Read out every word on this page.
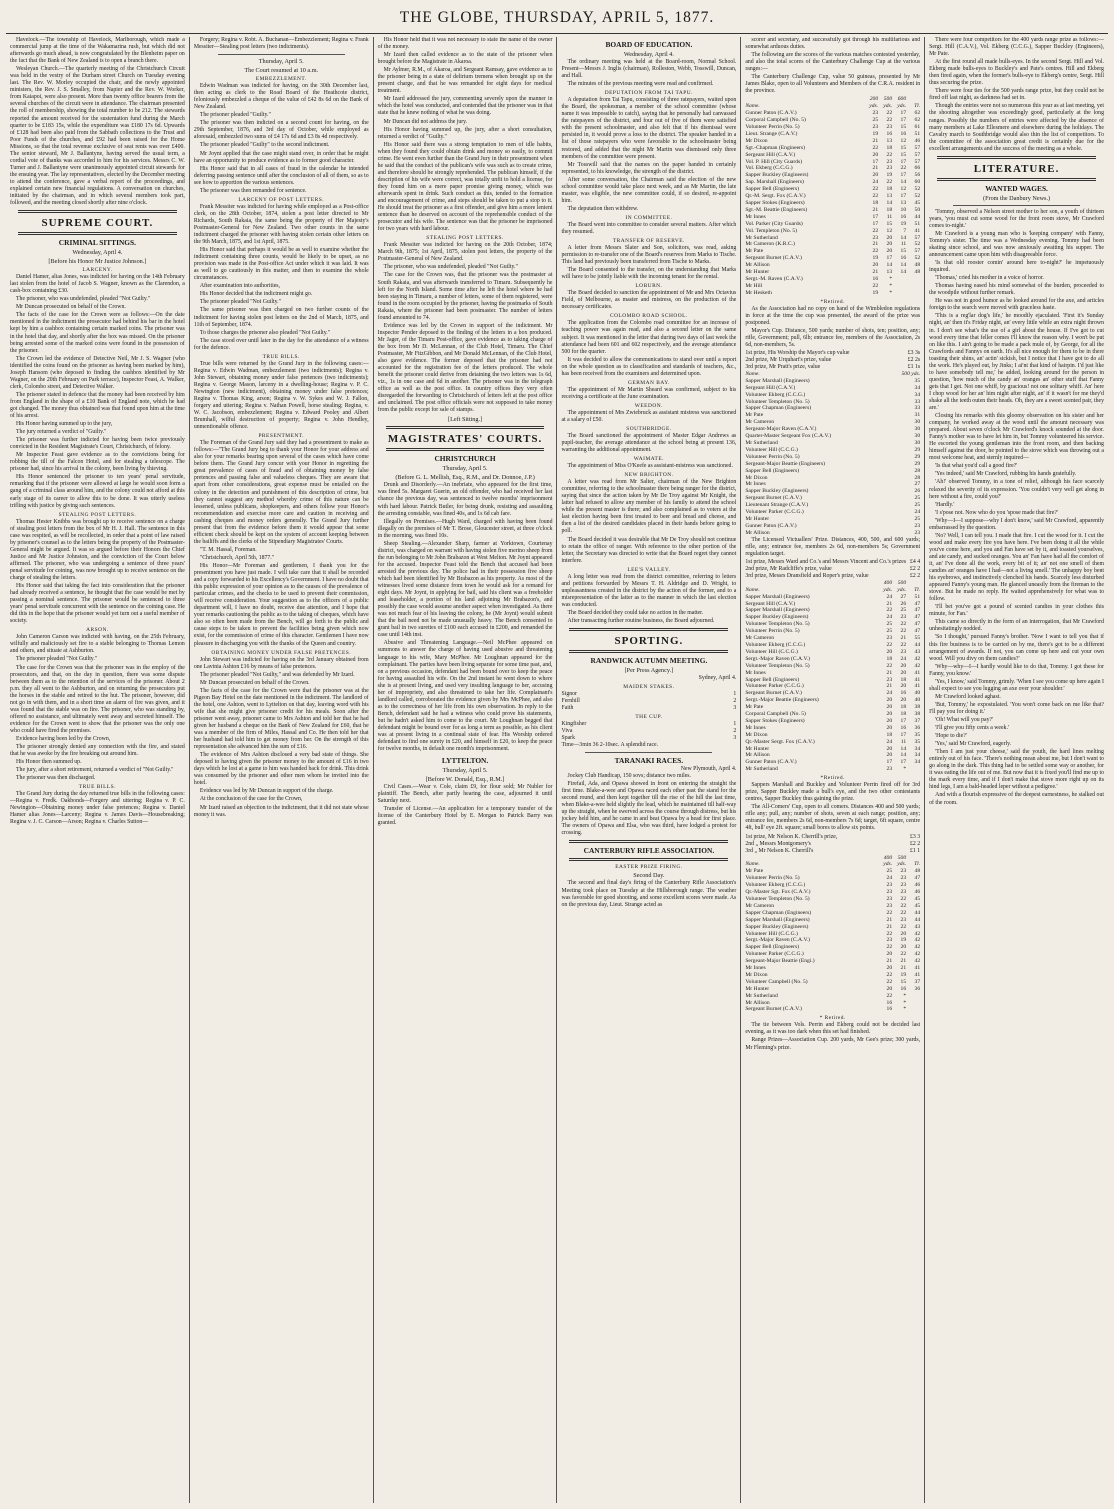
THE GLOBE, THURSDAY, APRIL 5, 1877.

Havelock.—The township of Havelock, Marlborough, which made a commercial jump at the time of the Wakamarina rush, but which did not afterwards go much ahead, is now congratulated by the Blenheim paper on the fact that the Bank of New Zealand is to open a branch there.

Wesleyan Church.—The quarterly meeting of the Christchurch Circuit was held in the vestry of the Durham street Church on Tuesday evening last. The Rev. W. Morley occupied the chair, and the newly appointed ministers, the Rev. J. S. Smalley, from Napier and the Rev. W. Worker, from Kaiapoi, were also present. More than twenty office bearers from the several churches of the circuit were in attendance. The chairman presented the roll of membership, showing the total number to be 212. The stewards reported the amount received for the sustentation fund during the March quarter to be £183 15s, while the expenditure was £180 17s 6d. Upwards of £128 had been also paid from the Sabbath collections to the Trust and Poor Funds of the churches, and £92 had been raised for the Home Missions, so that the total revenue exclusive of seat rents was over £400. The senior steward, Mr J. Ballantyne, having served the usual term, a cordial vote of thanks was accorded to him for his services. Messrs C. W. Turner and J. Ballantyne were unanimously appointed circuit stewards for the ensuing year. The lay representatives, elected by the December meeting to attend the conference, gave a verbal report of the proceedings, and explained certain new financial regulations. A conversation on churches, initiated by the chairman, and in which several members took part, followed, and the meeting closed shortly after nine o'clock.

SUPREME COURT.
CRIMINAL SITTINGS.
Wednesday, April 4.
[Before his Honor Mr Justice Johnson.]
LARCENY.

Daniel Hamer, alias Jones, was indicted for having on the 14th February last stolen from the hotel of Jacob S. Wagner, known as the Clarendon, a cash-box containing £30.

The prisoner, who was undefended, pleaded "Not Guilty."

Mr Duncan prosecuted on behalf of the Crown.

The facts of the case for the Crown were as follows:—On the date mentioned in the indictment the prosecutor had behind his bar in the hotel kept by him a cashbox containing certain marked coins. The prisoner was in the hotel that day, and shortly after the box was missed. On the prisoner being arrested some of the marked coins were found in the possession of the prisoner.

The Crown led the evidence of Detective Neil, Mr J. S. Wagner (who identified the coins found on the prisoner as having been marked by him), Joseph Hansom (who deposed to finding the cashbox identified by Mr Wagner, on the 20th February on Park terrace), Inspector Feast, A. Walker, clerk, Colombo street, and Detective Walker.

The prisoner stated in defence that the money had been received by him from England in the shape of a £10 Bank of England note, which he had got changed. The money thus obtained was that found upon him at the time of his arrest.

His Honor having summed up to the jury,

The jury returned a verdict of "Guilty."

The prisoner was further indicted for having been twice previously convicted in the Resident Magistrate's Court, Christchurch, of felony.

Mr Inspector Feast gave evidence as to the convictions being for robbing the till of the Falcon Hotel, and for stealing a telescope. The prisoner had, since his arrival in the colony, been living by thieving.

His Honor sentenced the prisoner to ten years' penal servitude, remarking that if the prisoner were allowed at large he would soon form a gang of a criminal class around him, and the colony could not afford at this early stage of its career to allow this to be done. It was utterly useless trifling with justice by giving such sentences.

STEALING POST LETTERS.

Thomas Hester Knibbs was brought up to receive sentence on a charge of stealing post letters from the box of Mr H. J. Hall. The sentence in this case was respited, as will be recollected, in order that a point of law raised by prisoner's counsel as to the letters being the property of the Postmaster-General might be argued. It was so argued before their Honors the Chief Justice and Mr Justice Johnston, and the conviction of the Court below affirmed. The prisoner, who was undergoing a sentence of three years' penal servitude for coining, was now brought up to receive sentence on the charge of stealing the letters.

His Honor said that taking the fact into consideration that the prisoner had already received a sentence, he thought that the case would be met by passing a nominal sentence. The prisoner would be sentenced to three years' penal servitude concurrent with the sentence on the coining case. He did this in the hope that the prisoner would yet turn out a useful member of society.

ARSON.

John Cameron Carson was indicted with having, on the 25th February, wilfully and maliciously set fire to a stable belonging to Thomas Lemon and others, and situate at Ashburton.

The prisoner pleaded "Not Guilty."

The case for the Crown was that the prisoner was in the employ of the prosecutors, and that, on the day in question, there was some dispute between them as to the retention of the services of the prisoner. About 2 p.m. they all went to the Ashburton, and on returning the prosecutors put the horses in the stable and retired to the hut. The prisoner, however, did not go in with them, and in a short time an alarm of fire was given, and it was found that the stable was on fire. The prisoner, who was standing by, offered no assistance, and ultimately went away and secreted himself. The evidence for the Crown went to show that the prisoner was the only one who could have fired the premises.

Evidence having been led by the Crown,

The prisoner strongly denied any connection with the fire, and stated that he was awoke by the fire breaking out around him.

His Honor then summed up.

The jury, after a short retirement, returned a verdict of "Not Guilty."

The prisoner was then discharged.

TRUE BILLS.

The Grand Jury during the day returned true bills in the following cases:—Regina v. Fredk. Oakbonds—Forgery and uttering; Regina v. P. C. Newington—Obtaining money under false pretences; Regina v. Daniel Hamer alias Jones—Larceny; Regina v. James Davis—Housebreaking; Regina v. J. C. Carson—Arson; Regina v. Charles Sutton—

Forgery; Regina v. Robt. A. Buchanan—Embezzlement; Regina v. Frank Messiter—Stealing post letters (two indictments).

Thursday, April 5.
The Court resumed at 10 a.m.
EMBEZZLEMENT.

Edwin Wadman was indicted for having, on the 30th December last, then acting as clerk to the Road Board of the Heathcote district, feloniously embezzled a cheque of the value of £42 8s 6d on the Bank of New Zealand.

The prisoner pleaded "Guilty."

The prisoner was then indicted on a second count for having, on the 29th September, 1876, and 3rd day of October, while employed as aforesaid, embezzled two sums of £4 17s 6d and £3 8s 4d respectively.

The prisoner pleaded "Guilty" to the second indictment.

Mr Joynt applied that the case might stand over, in order that he might have an opportunity to produce evidence as to former good character.

His Honor said that in all cases of fraud in the calendar he intended deferring passing sentence until after the conclusion of all of them, so as to see how to apportion the various sentences.

The prisoner was then remanded for sentence.

LARCENY OF POST LETTERS.

Frank Messiter was indicted for having while employed as a Post-office clerk, on the 28th October, 1874, stolen a post letter directed to Mr Richards, South Rakaia, the same being the property of Her Majesty's Postmaster-General for New Zealand. Two other counts in the same indictment charged the prisoner with having stolen certain other letters on the 9th March, 1875, and 1st April, 1875.

His Honor said that perhaps it would be as well to examine whether the indictment containing three counts, would be likely to be upset, as no provision was made in the Post-office Act under which it was laid. It was as well to go cautiously in this matter, and then to examine the whole circumstances.

After examination into authorities,

His Honor decided that the indictment might go.

The prisoner pleaded "Not Guilty."

The same prisoner was then charged on two further counts of the indictment for having stolen post letters on the 2nd of March, 1875, and 11th of September, 1874.

To those charges the prisoner also pleaded "Not Guilty."

The case stood over until later in the day for the attendance of a witness for the defence.

TRUE BILLS.

True bills were returned by the Grand Jury in the following cases:—Regina v. Edwin Wadman, embezzlement (two indictments); Regina v. John Stewart, obtaining money under false pretences (two indictments); Regina v. George Mason, larceny in a dwelling-house; Regina v. P. C. Newington (new indictment), obtaining money under false pretences; Regina v. Thomas King, arson; Regina v. W. Sykes and W. J. Fallon, forgery and uttering; Regina v. Nathan Powell, horse stealing; Regina, v. W. C. Jacobson, embezzlement; Regina v. Edward Pooley and Albert Brumhall, wilful destruction of property; Regina v. John Hendley, unmentionable offence.

PRESENTMENT.

The Foreman of the Grand Jury said they had a presentment to make as follows:—"The Grand Jury beg to thank your Honor for your address and also for your remarks bearing upon several of the cases which have come before them. The Grand Jury concur with your Honor in regretting the great prevalence of cases of fraud and of obtaining money by false pretences and passing false and valueless cheques. They are aware that apart from other considerations, great expense must be entailed on the colony in the detection and punishment of this description of crime, but they cannot suggest any method whereby crime of this nature can be lessened, unless publicans, shopkeepers, and others follow your Honor's recommendation and exercise more care and caution in receiving and cashing cheques and money orders generally. The Grand Jury further present that from the evidence before them it would appear that some efficient check should be kept on the system of account keeping between the bailiffs and the clerks of the Stipendiary Magistrates' Courts.

"T. M. Hassal, Foreman.

"Christchurch, April 5th, 1877."

His Honor—Mr Foreman and gentlemen, I thank you for the presentment you have just made. I will take care that it shall be recorded and a copy forwarded to his Excellency's Government. I have no doubt that this public expression of your opinion as to the causes of the prevalence of particular crimes, and the checks to be used to prevent their commission, will receive consideration. Your suggestion as to the officers of a public department will, I have no doubt, receive due attention, and I hope that your remarks cautioning the public as to the taking of cheques, which have also so often been made from the Bench, will go forth to the public and cause steps to be taken to prevent the facilities being given which now exist, for the commission of crime of this character. Gentlemen I have now pleasure in discharging you with the thanks of the Queen and country.

OBTAINING MONEY UNDER FALSE PRETENCES.

John Stewart was indicted for having on the 3rd January obtained from one Lavinia Ashton £16 by means of false pretences.

The prisoner pleaded "Not Guilty," and was defended by Mr Izard.

Mr Duncan prosecuted on behalf of the Crown.

The facts of the case for the Crown were that the prisoner was at the Pigeon Bay Hotel on the date mentioned in the indictment. The landlord of the hotel, one Ashton, went to Lyttelton on that day, leaving word with his wife that she might give prisoner credit for his meals. Soon after the prisoner went away, prisoner came to Mrs Ashton and told her that he had given her husband a cheque on the Bank of New Zealand for £60, that he was a member of the firm of Miles, Hassal and Co. He then told her that her husband had told him to get money from her. On the strength of this representation she advanced him the sum of £16.

The evidence of Mrs Ashton disclosed a very bad state of things. She deposed to having given the prisoner money to the amount of £16 in two days which he lost at a game to him was handed back for drink. This drink was consumed by the prisoner and other men whom he invited into the hotel.

Evidence was led by Mr Duncan in support of the charge.

At the conclusion of the case for the Crown,

Mr Izard raised an objection to the indictment, that it did not state whose money it was.

His Honor held that it was not necessary to state the name of the owner of the money.

Mr Izard then called evidence as to the state of the prisoner when brought before the Magistrate in Akaroa.

Mr Aylmer, R.M., of Akaroa, and Sergeant Ramsay, gave evidence as to the prisoner being in a state of delirium tremens when brought up on the present charge, and that he was remanded for eight days for medical treatment.

Mr Izard addressed the jury, commenting severely upon the manner in which the hotel was conducted, and contended that the prisoner was in that state that he knew nothing of what he was doing.

Mr Duncan did not address the jury.

His Honor having summed up, the jury, after a short consultation, returned a verdict of "Guilty."

His Honor said there was a strong temptation to men of idle habits, when they found they could obtain drink and money so easily, to commit crime. He went even further than the Grand Jury in their presentment when he said that the conduct of the publican's wife was such as to create crime, and therefore should be strongly reprehended. The publican himself, if the description of his wife were correct, was totally unfit to hold a license, for they found him on a mere paper promise giving money, which was afterwards spent in drink. Such conduct as this, tended to the formation and encouragement of crime, and steps should be taken to put a stop to it. He should treat the prisoner as a first offender, and give him a more lenient sentence than he deserved on account of the reprehensible conduct of the prosecutor and his wife. The sentence was that the prisoner be imprisoned for two years with hard labour.

STEALING POST LETTERS.

Frank Messiter was indicted for having on the 20th October, 1874; March 9th, 1875; 1st April, 1875, stolen post letters, the property of the Postmaster-General of New Zealand.

The prisoner, who was undefended, pleaded "Not Guilty."

The case for the Crown was, that the prisoner was the postmaster at South Rakaia, and was afterwards transferred to Timaru. Subsequently he left for the North Island. Some time after he left the hotel where he had been staying in Timaru, a number of letters, some of them registered, were found in the room occupied by the prisoner, having the postmarks of South Rakaia, where the prisoner had been postmaster. The number of letters found amounted to 74.

Evidence was led by the Crown in support of the indictment. Mr Inspector Pender deposed to the finding of the letters in a box produced. Mr Jager, of the Timaru Post-office, gave evidence as to taking charge of the box from Mr D. McLennan, of the Club Hotel, Timaru. The Chief Postmaster, Mr FitzGibbon, and Mr Donald McLennan, of the Club Hotel, also gave evidence. The former deposed that the prisoner had not accounted for the registration fee of the letters produced. The whole benefit the prisoner could derive from detaining the two letters was 1s 6d, viz., 1s in one case and 6d in another. The prisoner was in the telegraph office as well as the post office. In country offices they very often disregarded the forwarding to Christchurch of letters left at the post office and unclaimed. The post office officials were not supposed to take money from the public except for sale of stamps.

[Left Sitting.]
MAGISTRATES' COURTS.
CHRISTCHURCH
Thursday, April 5.
(Before G. L. Mellish, Esq., R.M., and Dr. Donnoe, J.P.)

Drunk and Disorderly.—An inebriate, who appeared for the first time, was fined 5s. Margaret Guerin, an old offender, who had received her last chance the previous day, was sentenced to twelve months' imprisonment with hard labour. Patrick Butler, for being drunk, resisting and assaulting the arresting constable, was fined 40s, and 1s 6d cab fare.

Illegally on Premises.—Hugh Ward, charged with having been found illegally on the premises of Mr T. Brose, Gloucester street, at three o'clock in the morning, was fined 10s.

Sheep Stealing.—Alexander Sharp, farmer at Yorktown, Courtenay district, was charged on warrant with having stolen five merino sheep from the run belonging to Mr John Brabazon at West Melton. Mr Joynt appeared for the accused. Inspector Feast told the Bench that accused had been arrested the previous day. The police had in their possession five sheep which had been identified by Mr Brabazon as his property. As most of the witnesses lived some distance from town he would ask for a remand for eight days. Mr Joynt, in applying for bail, said his client was a freeholder and leaseholder, a portion of his land adjoining Mr Brabazon's, and possibly the case would assume another aspect when investigated. As there was not much fear of his leaving the colony, he (Mr Joynt) would submit that the bail need not be made unusually heavy. The Bench consented to grant bail in two sureties of £100 each accused in £200, and remanded the case until 14th inst.

Abusive and Threatening Language.—Neil McPhee appeared on summons to answer the charge of having used abusive and threatening language to his wife, Mary McPhee. Mr Loughnan appeared for the complainant. The parties have been living separate for some time past, and, on a previous occasion, defendant had been bound over to keep the peace for having assaulted his wife. On the 2nd instant he went down to where she is at present living, and used very insulting language to her, accusing her of impropriety, and also threatened to take her life. Complainant's landlord called, corroborated the evidence given by Mrs McPhee, and also as to the correctness of her life from his own observation. In reply to the Bench, defendant said he had a witness who could prove his statements, but he hadn't asked him to come to the court. Mr Loughnan begged that defendant might be bound over for as long a term as possible, as his client was at present living in a continual state of fear. His Worship ordered defendant to find one surety in £20, and himself in £20, to keep the peace for twelve months, in default one month's imprisonment.

LYTTELTON.
Thursday, April 5.
[Before W. Donald, Esq., R.M.]

Civil Cases.—Wear v. Cole, claim £9, for flour sold; Mr Nubler for plaintiff. The Bench, after partly hearing the case, adjourned it until Saturday next.

Transfer of License.—An application for a temporary transfer of the license of the Canterbury Hotel by E. Morgan to Patrick Barry was granted.

BOARD OF EDUCATION.
Wednesday, April 4.

The ordinary meeting was held at the Board-room, Normal School. Present—Messrs J. Inglis (chairman), Rolleston, Webb, Tosswill, Duncan, and Hall.

The minutes of the previous meeting were read and confirmed.

DEPUTATION FROM TAI TAPU.

A deputation from Tai Tapu, consisting of three ratepayers, waited upon the Board, the spokesman, a member of the school committee (whose name it was impossible to catch), saying that he personally had canvassed the ratepayers of the district, and four out of five of them were satisfied with the present schoolmaster, and also felt that if his dismissal were persisted in, it would prove a loss to the district. The speaker handed in a list of those ratepayers who were favorable to the schoolmaster being restored, and added that the night Mr Martin was dismissed only three members of the committee were present.

Mr Tosswill said that the names on the paper handed in certainly represented, to his knowledge, the strength of the district.

After some conversation, the Chairman said the election of the new school committee would take place next week, and as Mr Martin, the late master, was eligible, the new committee could, if so desired, re-appoint him.

The deputation then withdrew.

IN COMMITTEE.

The Board went into committee to consider several matters. After which they resumed.

TRANSFER OF RESERVE.

A letter from Messrs Slater and Son, solicitors, was read, asking permission to re-transfer one of the Board's reserves from Marks to Tische. This land had previously been transferred from Tische to Marks.

The Board consented to the transfer, on the understanding that Marks will have to be jointly liable with the incoming tenant for the rental.

LOBURN.

The Board decided to sanction the appointment of Mr and Mrs Octavius Field, of Melbourne, as master and mistress, on the production of the necessary certificates.

COLOMBO ROAD SCHOOL.

The application from the Colombo road committee for an increase of teaching power was again read, and also a second letter on the same subject. It was mentioned in the letter that during two days of last week the attendance had been 601 and 602 respectively, and the average attendance 500 for the quarter.

It was decided to allow the communications to stand over until a report on the whole question as to classification and standards of teachers, &c., has been received from the examiners and determined upon.

GERMAN BAY.

The appointment of Mr Martin Sheard was confirmed, subject to his receiving a certificate at the June examination.

WEEDON.

The appointment of Mrs Zwiebruck as assistant mistress was sanctioned at a salary of £50.

SOUTHBRIDGE.

The Board sanctioned the appointment of Master Edgar Andrews as pupil-teacher, the average attendance at the school being at present 136, warranting the additional appointment.

WAIMATE.

The appointment of Miss O'Keefe as assistant-mistress was sanctioned.

NEW BRIGHTON.

A letter was read from Mr Salter, chairman of the New Brighton committee, referring to the schoolmaster there being ranger for the district, saying that since the action taken by Mr De Troy against Mr Knight, the latter had refused to allow any member of his family to attend the school while the present master is there; and also complained as to voters at the last election having been first treated to beer and bread and cheese, and then a list of the desired candidates placed in their hands before going to poll.

The Board decided it was desirable that Mr De Troy should not continue to retain the office of ranger. With reference to the other portion of the letter, the Secretary was directed to write that the Board regret they cannot interfere.

LEE'S VALLEY.

A long letter was read from the district committee, referring to letters and petitions forwarded by Messrs T. H. Aldridge and D. Wright, to unpleasantness created in the district by the action of the former, and to a misrepresentation of the latter as to the manner in which the last election was conducted.

The Board decided they could take no action in the matter.

After transacting further routine business, the Board adjourned.

SPORTING.
RANDWICK AUTUMN MEETING.
[Per Press Agency.]
Sydney, April 4.
MAIDEN STAKES.
Signor	1
Fernhill	2
Faith	3
THE CUP.
Kingfisher	1
Viva	2
Spark	3
Time—3min 36 2-10sec. A splendid race.
TARANAKI RACES.
New Plymouth, April 4.

Jockey Club Handicap, 150 sovs; distance two miles.

Firefail, Ada, and Opawa showed in front on entering the straight the first time. Blake-a-wee and Opawa raced each other past the stand for the second round, and then kept together till the rise of the hill the last time, when Blake-a-wee held slightly the lead, which he maintained till half-way up the straight, when he swerved across the course through distress, but his jockey held him, and he came in and beat Opawa by a head for first place. The owners of Opawa and Elsa, who was third, have lodged a protest for crossing.

CANTERBURY RIFLE ASSOCIATION.
EASTER PRIZE FIRING.
Second Day.

The second and final day's firing of the Canterbury Rifle Association's Meeting took place on Tuesday at the Hillsborough range. The weather was favorable for good shooting, and some excellent scores were made. As on the previous day, Lieut. Strange acted as

scorer and secretary, and successfully got through his multifarious and somewhat arduous duties.

The following are the scores of the various matches contested yesterday, and also the total scores of the Canterbury Challenge Cup at the various ranges:—

The Canterbury Challenge Cup, value 50 guineas, presented by Mr James Blake, open to all Volunteers and Members of the C.R.A. resident in the province.

	200	500	600	
Name.	yds.	yds.	yds.	Tl.
Gunner Paton (C.A.V.)	23	22	17	62
Corporal Campbell (No. 5)	25	22	17	62
Volunteer Perrin (No. 5)	23	23	15	61
Lieut. Strange (C.A.V.)	19	16	16	51
Mr Dixon	21	13	12	46
Sgt.-Chapman (Engineers)	22	18	15	57
Sergeant Hill (C.A.V.)	20	22	15	57
Vol. P. Hill (City Guards)	17	23	17	57
Vol. Ekberg (C.C.G.)	21	23	22	66
Sapper Buckley (Engineers)	20	19	17	56
Sap. Marshall (Engineers)	24	22	14	60
Sapper Bell (Engineers)	22	18	12	52
Qr.-M. Sergt. Fox (C.A.V.)	22	13	17	52
Sapper Stokes (Engineers)	18	14	13	45
Sgt.-M. Beattie (Engineers)	21	18	10	50
Mr Innes	17	11	16	44
Vol. Parker (City Guards)	17	15	19	51
Vol. Templeton (No. 5)	22	12	7	41
Mr Sutherland	23	20	14	57
Mr Cameron (K.R.C.)	21	20	11	52
Mr Pate	22	20	15	57
Sergeant Burnet (C.A.V.)	19	17	16	52
Mr Allison	20	14	14	48
Mr Hunter	21	13	14	48
Sergt.-M. Raven (C.A.V.)	16	*		
Mr Hill	22	*		
Mr Hesketh	19	*		
*Retired.

As the Association had no copy on hand of the Wimbledon regulations in force at the time the cup was presented, the award of the prize was postponed.

Mayor's Cup. Distance, 500 yards; number of shots, ten; position, any; rifle, Government; pull, 6lb; entrance fee, members of the Association, 2s 6d, non-members, 5s.

£3 3s
1st prize, His Worship the Mayor's cup value
£2 2s
2nd prize, Mr Urquhart's prize, value
£1 1s
3rd prize, Mr Pratt's prize, value
Name.	500 yds.
Sapper Marshall (Engineers)	35
Sergeant Hill (C.A.V.)	34
Volunteer Ekberg (C.C.G.)	34
Volunteer Templeton (No. 5)	33
Sapper Chapman (Engineers)	33
Mr Pate	31
Mr Cameron	30
Sergeant-Major Raven (C.A.V.)	30
Quarter-Master Sergeant Fox (C.A.V.)	30
Mr Sutherland	30
Volunteer Hill (C.C.G.)	29
Volunteer Perrin (No. 5)	29
Sergeant-Major Beattie (Engineers)	29
Sapper Bell (Engineers)	28
Mr Dixon	28
Mr Innes	27
Sapper Buckley (Engineers)	26
Sergeant Burnet (C.A.V.)	25
Lieutenant Strange (C.A.V.)	25
Volunteer Parker (C.C.G.)	24
Mr Hunter	25
Gunner Paton (C.A.V.)	23
Mr Allison	23

The Licensed Victuallers' Prize. Distances, 400, 500, and 600 yards; rifle, any; entrance fee, members 2s 6d, non-members 5s; Government regulation target.

£4 4
1st prize, Messrs Ward and Co.'s and Messrs Vincent and Co.'s prizes
£2 2
2nd prize, Mr Radcliffe's prize, value
£2 2
3rd prize, Messrs Dransfield and Roper's prize, value
	400	500	
Name.	yds.	yds.	Tl.
Sapper Marshall (Engineers)	24	27	51
Sergeant Hill (C.A.V.)	21	26	47
Sapper Marshall (Engineers)	22	25	47
Sapper Buckley (Engineers)	24	23	47
Volunteer Templeton (No. 5)	25	22	47
Volunteer Perrin (No. 5)	25	22	47
Mr Cameron	23	21	55
Volunteer Ekberg (C.C.G.)	22	22	44
Volunteer Hill (C.C.G.)	20	23	43
Sergt.-Major Raven (C.A.V.)	18	24	42
Volunteer Templeton (No. 5)	22	20	42
Mr Innes	21	20	41
Sapper Bell (Engineers)	23	18	41
Volunteer Parker (C.C.G.)	21	20	41
Sergeant Burnet (C.A.V.)	24	16	40
Sergt.-Major Beattie (Engineers)	20	20	40
Mr Pate	20	18	38
Corporal Campbell (No. 5)	20	18	38
Sapper Stokes (Engineers)	20	17	37
Mr Innes	20	16	36
Mr Dixon	18	17	35
Qr.-Master Sergt. Fox (C.A.V.)	24	11	35
Mr Hunter	20	14	34
Mr Allison	20	14	34
Gunner Paton (C.A.V.)	17	17	34
Mr Sutherland	23	*	
*Retired.

Sappers Marshall and Buckley and Volunteer Perrin fired off for 3rd prize, Sapper Buckley made a bull's eye, and the two other contestants centres, Sapper Buckley thus gaining the prize.

The All-Comers' Cup, open to all comers. Distances 400 and 500 yards; rifle any; pull, any; number of shots, seven at each range; position, any; entrance fee, members 2s 6d, non-members 7s 6d; target, 6ft square, centre 4ft, bull' eye 2ft. square; small bores to allow six points.

£3 3
1st prize, Mr Nelson K. Cherrill's prize,
£2 2
2nd „ Messrs Montgomery's
£1 1
3rd „ Mr Nelson K. Cherrill's
	400	500	
Name.	yds.	yds.	Tl.
Mr Pate	25	23	48
Volunteer Perrin (No. 5)	24	23	47
Volunteer Ekberg (C.C.G.)	23	23	46
Qr.-Master Sgt. Fox (C.A.V.)	23	23	46
Volunteer Templeton (No. 5)	23	22	45
Mr Cameron	23	22	45
Sapper Chapman (Engineers)	22	22	44
Sapper Marshall (Engineers)	21	23	44
Sapper Buckley (Engineers)	21	22	43
Volunteer Hill (C.C.G.)	22	20	42
Sergt.-Major Raven (C.A.V.)	23	19	42
Sapper Bell (Engineers)	22	20	42
Volunteer Parker (C.C.G.)	20	22	42
Sergeant-Major Beattie (Engi.)	21	21	42
Mr Innes	20	21	41
Mr Dixon	22	19	41
Volunteer Campbell (No. 5)	22	15	37
Mr Hunter	20	16	36
Mr Sutherland	22	*	
Mr Allison	16	*	
Sergeant Burnet (C.A.V.)	16	*	
* Retired.

The tie between Vols. Perrin and Ekberg could not be decided last evening, as it was too dark when this set had finished.

Range Prizes—Association Cup. 200 yards, Mr Gee's prize; 300 yards, Mr Fleming's prize.

There were four competitors for the 400 yards range prize as follows:—Sergt. Hill (C.A.V.), Vol. Ekberg (C.C.G.), Sapper Buckley (Engineers), Mr Pate.

At the first round all made bulls-eyes. In the second Sergt. Hill and Vol. Ekberg made bulls-eyes to Buckley's and Pate's centres. Hill and Ekberg then fired again, when the former's bulls-eye to Ekberg's centre, Sergt. Hill thus securing the prize.

There were four ties for the 500 yards range prize, but they could not be fired off last night, as darkness had set in.

Though the entries were not so numerous this year as at last meeting, yet the shooting altogether was exceedingly good, particularly at the long ranges. Possibly the numbers of entries were affected by the absence of many members at Lake Ellesmere and elsewhere during the holidays. The Cavalry march to Southbridge would also thin the list of competitors. To the committee of the association great credit is certainly due for the excellent arrangements and the success of the meeting as a whole.

LITERATURE.
WANTED WAGES.
(From the Danbury News.)

'Tommy, observed a Nelson street mother to her son, a youth of thirteen years, 'you must cut some wood for the front room stove, Mr Crawford comes to-night.'

Mr Crawford is a young man who is 'keeping company' with Fanny, Tommy's sister. The time was a Wednesday evening. Tommy had been skating since school, and was now anxiously awaiting his supper. The announcement came upon him with disagreeable force.

'Is that old rooster comin' around here to-night?' he impetuously inquired.

'Thomas,' cried his mother in a voice of horror.

Thomas having eased his mind somewhat of the burden, proceeded to the woodpile without further remark.

He was not in good humor as he looked around for the axe, and articles foreign to the search were moved with graceless haste.

'This is a reg'lar dog's life,' he moodily ejaculated. 'First it's Sunday night, an' then it's Friday night, an' every little while an extra night thrown in. I don't see what's the use of a girl about the house. If I've got to cut wood every time that feller comes I'll know the reason why. I won't be put on like this. I ain't going to be made a pack mule of, by George, for all the Crawfords and Fannys on earth. It's all nice enough for them to be in there toasting their shins, an' actin' sickish, but I notice that I have got to do all the work. He's played out, by Jinks; I ai'nt that kind of hairpin. I'd just like to have somebody tell me,' he added, looking around for the person in question, 'how much of the candy an' oranges an' other stuff that Fanny gets that I get. Not one whiff, by gracious! not one solitary whiff. An' here I chop wood for her an' him night after night, an' if it wasn't for me they'd shake all the teeth outen their heads. Oh, they are a sweet scented pair, they are.'

Closing his remarks with this gloomy observation on his sister and her company, he worked away at the wood until the amount necessary was prepared. About seven o'clock Mr Crawford's knock sounded at the door. Fanny's mother was to have let him in, but Tommy volunteered his service. He escorted the young gentleman into the front room, and then backing himself against the door, he pointed to the stove which was throwing out a most welcome heat, and sternly inquired—

'Is that what you'd call a good fire?'

'Yes indeed,' said Mr Crawford, rubbing his hands gratefully.

'Ah!' observed Tommy, in a tone of relief, although his face scarcely relaxed the severity of its expression. 'You couldn't very well get along in here without a fire, could you?'

'Hardly.'

'I s'pose not. Now who do you 'spose made that fire?'

'Why—I—I suppose—why I don't know,' said Mr Crawford, apparently embarrassed by the question.

'No? Well, I can tell you. I made that fire. I cut the wood for it. I cut the wood and make every fire you have here. I've been doing it all the while you've come here, and you and Fan have set by it, and toasted yourselves, and ate candy, and sucked oranges. You an' Fan have had all the comfort of it, an' I've done all the work, every bit of it; an' not one smell of them candies an' oranges have I had—not a living smell.' The unhappy boy bent his eyebrows, and instinctively clenched his hands. Scarcely less disturbed appeared Fanny's young man. He glanced uneasily from the fireman to the stove. But he made no reply. He waited apprehensively for what was to follow.

'I'll bet you've got a pound of scented candies in your clothes this minute, for Fan.'

This came so directly in the form of an interrogation, that Mr Crawford unhesitatingly nodded.

'So I thought,' pursued Fanny's brother. 'Now I want to tell you that if this fire business is to be carried on by me, there's got to be a different arrangement of awards. If not, you can come up here and cut your own wood. Will you divy on them candies?'

'Why—why—I—I hardly would like to do that, Tommy. I got these for Fanny, you know.'

'Yes, I know,' said Tommy, grimly. 'When I see you come up here again I shall expect to see you lugging an axe over your shoulder.'

Mr Crawford looked aghast.

'But, Tommy,' he expostulated. 'You won't come back on me like that? I'll pay you for doing it.'

'Oh! What will you pay?'

'I'll give you fifty cents a week.'

'Hope to die?'

'Yes,' said Mr Crawford, eagerly.

'Then I am just your cheese,' said the youth, the hard lines melting entirely out of his face. 'There's nothing mean about me, but I don't want to go along in the dark. This thing had to be settled some way or another, for it was eating the life out of me. But now that it is fixed you'll find me up to the mark every time, and if I don't make that stove more right up on its hind legs, I am a bald-headed leper without a pedigree.'

And with a flourish expressive of the deepest earnestness, he stalked out of the room.
